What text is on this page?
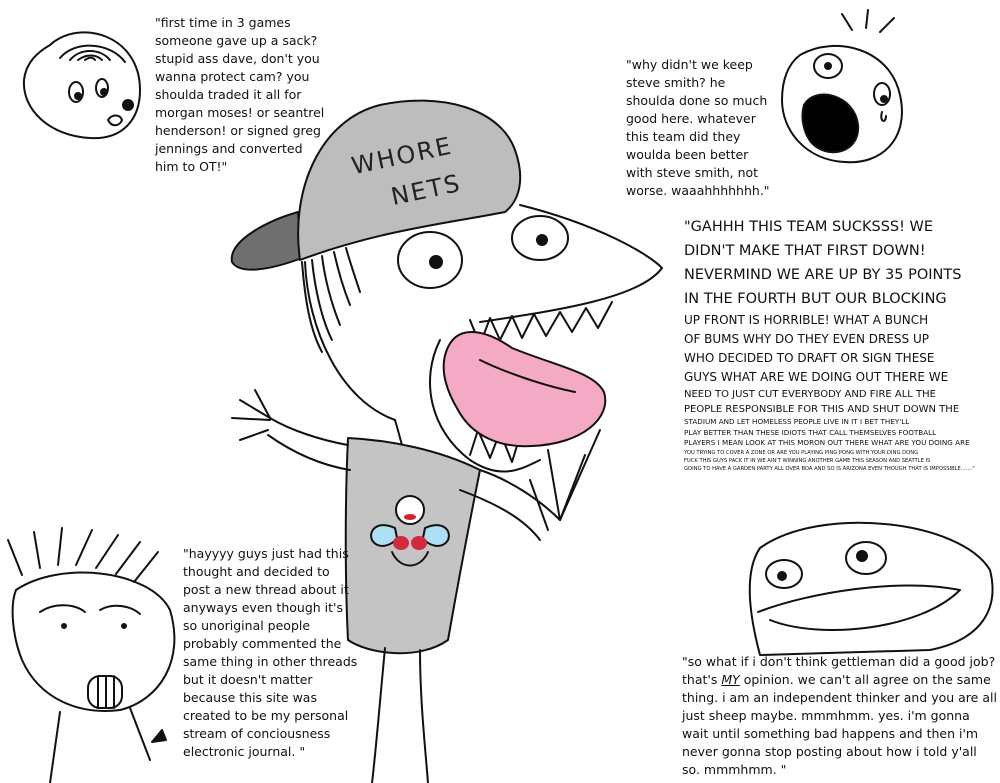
WHORE
NETS

"first time in 3 games someone gave up a sack? stupid ass dave, don't you wanna protect cam? you shoulda traded it all for morgan moses! or seantrel henderson! or signed greg jennings and converted him to OT!"

"why didn't we keep steve smith? he shoulda done so much good here. whatever this team did they woulda been better with steve smith, not worse. waaahhhhhhh."

"GAHHH THIS TEAM SUCKSSS! WE
DIDN'T MAKE THAT FIRST DOWN!
NEVERMIND WE ARE UP BY 35 POINTS
IN THE FOURTH BUT OUR BLOCKING
UP FRONT IS HORRIBLE! WHAT A BUNCH
OF BUMS WHY DO THEY EVEN DRESS UP
WHO DECIDED TO DRAFT OR SIGN THESE
GUYS WHAT ARE WE DOING OUT THERE WE
NEED TO JUST CUT EVERYBODY AND FIRE ALL THE
PEOPLE RESPONSIBLE FOR THIS AND SHUT DOWN THE
STADIUM AND LET HOMELESS PEOPLE LIVE IN IT I BET THEY'LL
PLAY BETTER THAN THESE IDIOTS THAT CALL THEMSELVES FOOTBALL
PLAYERS I MEAN LOOK AT THIS MORON OUT THERE WHAT ARE YOU DOING ARE
YOU TRYING TO COVER A ZONE OR ARE YOU PLAYING PING PONG WITH YOUR DING DONG
FUCK THIS GUYS PACK IT IN WE AIN'T WINNING ANOTHER GAME THIS SEASON AND SEATTLE IS
GOING TO HAVE A GARDEN PARTY ALL OVER BOA AND SO IS ARIZONA EVEN THOUGH THAT IS IMPOSSIBLE......."

"hayyyy guys just had this thought and decided to post a new thread about it anyways even though it's so unoriginal people probably commented the same thing in other threads but it doesn't matter because this site was created to be my personal stream of conciousness electronic journal. "

"so what if i don't think gettleman did a good job? that's MY opinion. we can't all agree on the same thing. i am an independent thinker and you are all just sheep maybe. mmmhmm. yes. i'm gonna wait until something bad happens and then i'm never gonna stop posting about how i told y'all so. mmmhmm. "
